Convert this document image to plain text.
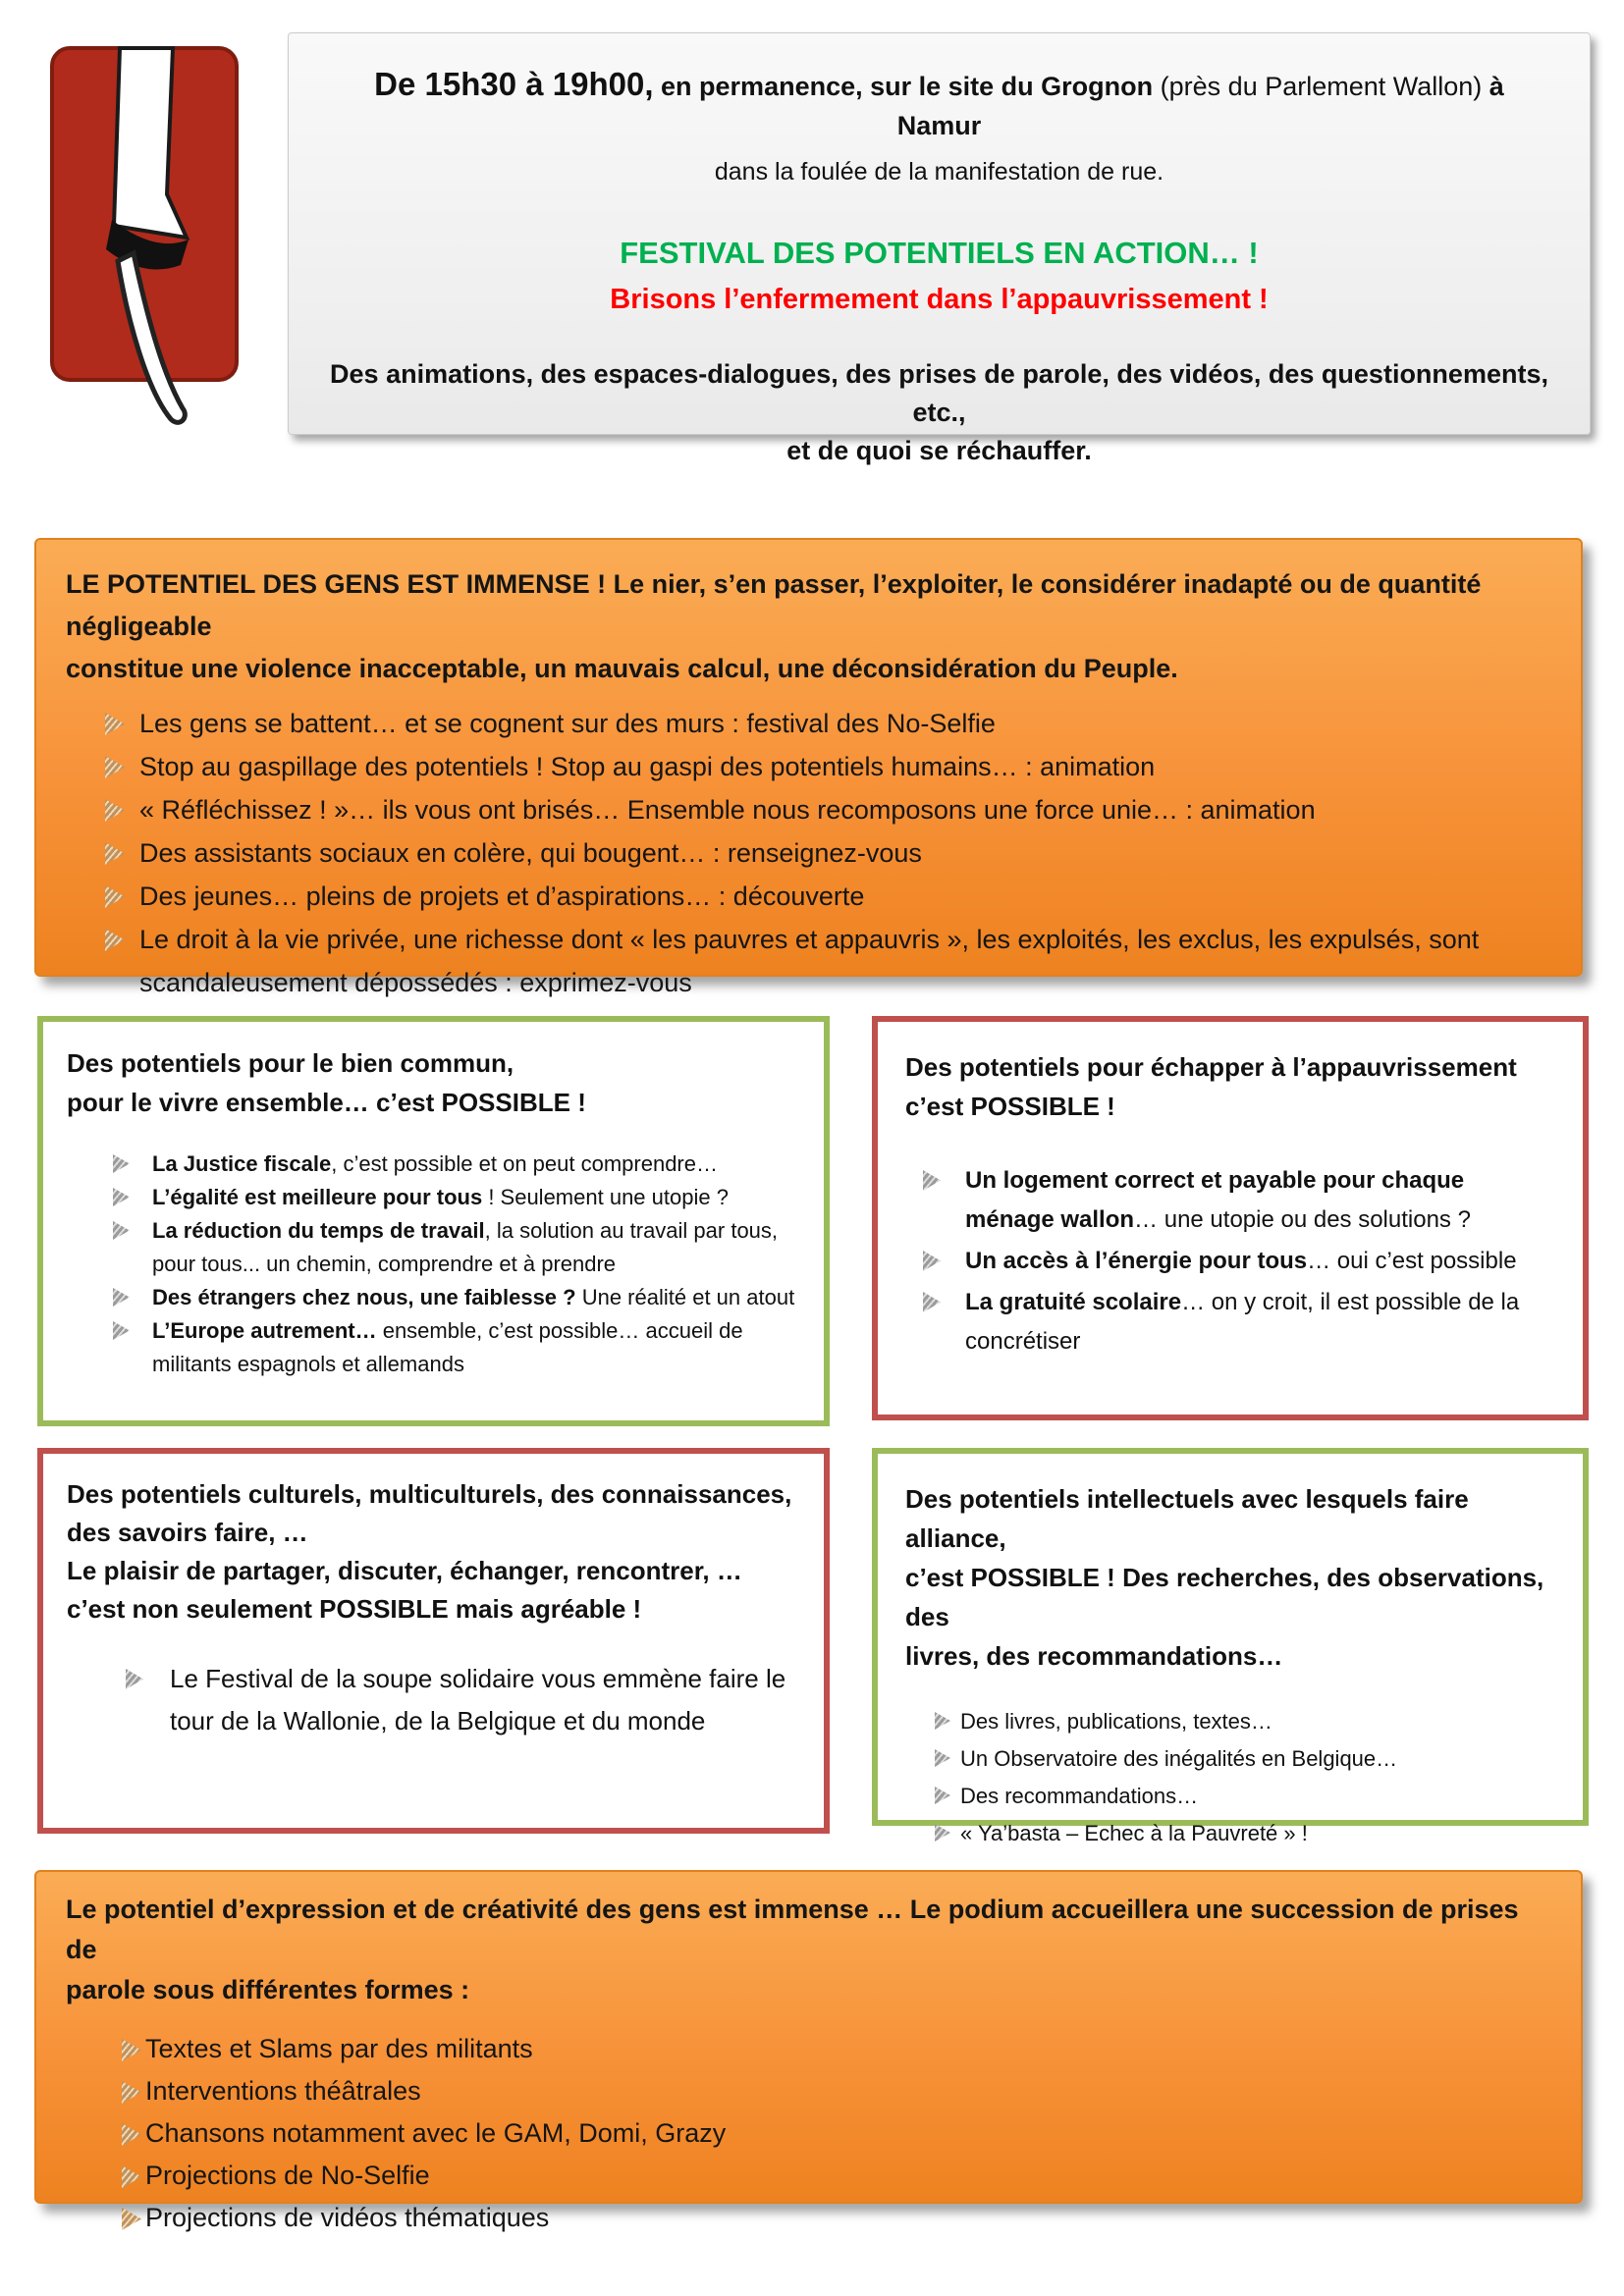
De 15h30 à 19h00, en permanence, sur le site du Grognon (près du Parlement Wallon) à Namur

dans la foulée de la manifestation de rue.

FESTIVAL DES POTENTIELS EN ACTION… !
Brisons l’enfermement dans l’appauvrissement !

Des animations, des espaces-dialogues, des prises de parole, des vidéos, des questionnements, etc.,
et de quoi se réchauffer.

LE POTENTIEL DES GENS EST IMMENSE ! Le nier, s’en passer, l’exploiter, le considérer inadapté ou de quantité négligeable
constitue une violence inacceptable, un mauvais calcul, une déconsidération du Peuple.
Les gens se battent… et se cognent sur des murs : festival des No-Selfie
Stop au gaspillage des potentiels ! Stop au gaspi des potentiels humains… : animation
« Réfléchissez ! »… ils vous ont brisés… Ensemble nous recomposons une force unie… : animation
Des assistants sociaux en colère, qui bougent… : renseignez-vous
Des jeunes… pleins de projets et d’aspirations… : découverte
Le droit à la vie privée, une richesse dont « les pauvres et appauvris », les exploités, les exclus, les expulsés, sont scandaleusement dépossédés : exprimez-vous
Des potentiels pour le bien commun,
pour le vivre ensemble… c’est POSSIBLE !
La Justice fiscale, c’est possible et on peut comprendre…
L’égalité est meilleure pour tous ! Seulement une utopie ?
La réduction du temps de travail, la solution au travail par tous, pour tous... un chemin, comprendre et à prendre
Des étrangers chez nous, une faiblesse ? Une réalité et un atout
L’Europe autrement… ensemble, c’est possible… accueil de militants espagnols et allemands
Des potentiels pour échapper à l’appauvrissement
c’est POSSIBLE !
Un logement correct et payable pour chaque ménage wallon… une utopie ou des solutions ?
Un accès à l’énergie pour tous… oui c’est possible
La gratuité scolaire… on y croit, il est possible de la concrétiser
Des potentiels culturels, multiculturels, des connaissances,
des savoirs faire, …
Le plaisir de partager, discuter, échanger, rencontrer, …
c’est non seulement POSSIBLE mais agréable !
Le Festival de la soupe solidaire vous emmène faire le tour de la Wallonie, de la Belgique et du monde
Des potentiels intellectuels avec lesquels faire alliance,
c’est POSSIBLE ! Des recherches, des observations, des
livres, des recommandations…
Des livres, publications, textes…
Un Observatoire des inégalités en Belgique…
Des recommandations…
« Ya’basta – Echec à la Pauvreté » !
Le potentiel d’expression et de créativité des gens est immense … Le podium accueillera une succession de prises de
parole sous différentes formes :
Textes et Slams par des militants
Interventions théâtrales
Chansons notamment avec le GAM, Domi, Grazy
Projections de No-Selfie
Projections de vidéos thématiques
